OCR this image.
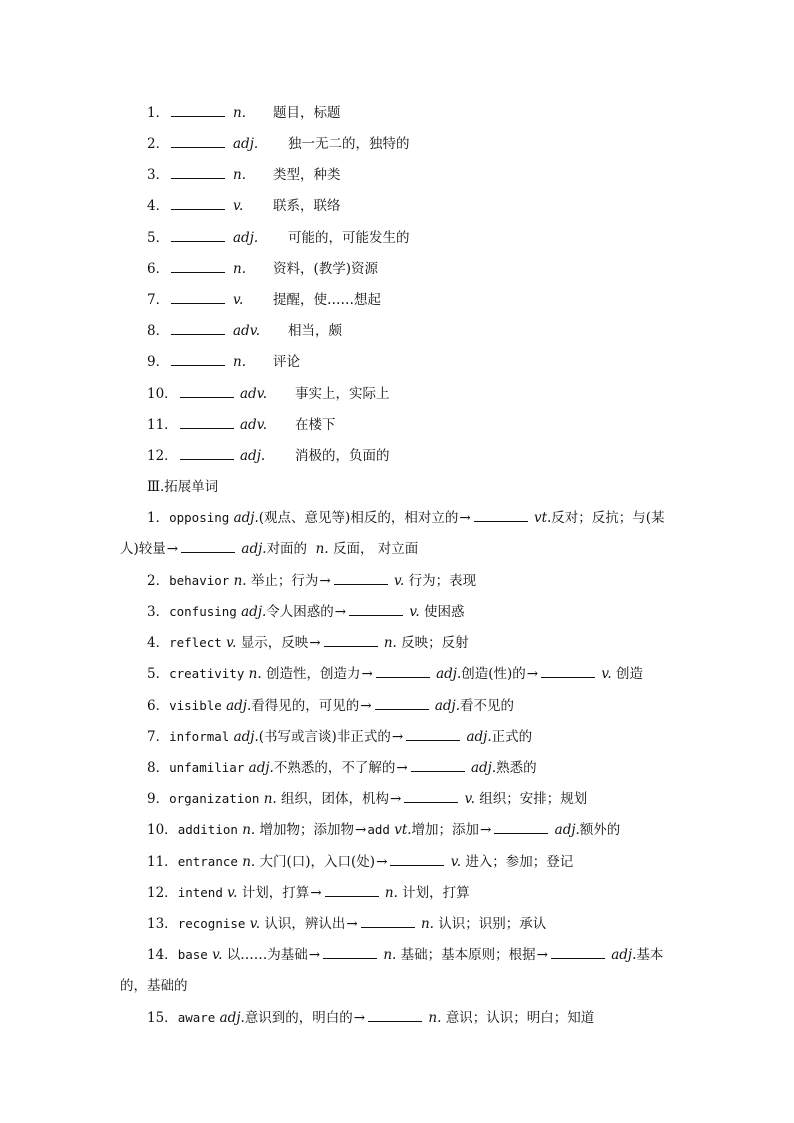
1．	n. 题目，标题
2．	adj. 独一无二的，独特的
3．	n. 类型，种类
4．	v. 联系，联络
5．	adj. 可能的，可能发生的
6．	n. 资料，(教学)资源
7．	v. 提醒，使……想起
8．	adv. 相当，颇
9．	n. 评论
10．	adv. 事实上，实际上
11．	adv. 在楼下
12．	adj. 消极的，负面的
Ⅲ.拓展单词
1．opposing adj.(观点、意见等)相反的，相对立的→	vt.反对；反抗；与(某
人)较量→	adj.对面的 n. 反面， 对立面
2．behavior n. 举止；行为→	v. 行为；表现
3．confusing adj.令人困惑的→	v. 使困惑
4．reflect v. 显示，反映→	n. 反映；反射
5．creativity n. 创造性，创造力→	adj.创造(性)的→	v. 创造
6．visible adj.看得见的，可见的→	adj.看不见的
7．informal adj.(书写或言谈)非正式的→	adj.正式的
8．unfamiliar adj.不熟悉的，不了解的→	adj.熟悉的
9．organization n. 组织，团体，机构→	v. 组织；安排；规划
10．addition n. 增加物；添加物→add vt.增加；添加→	adj.额外的
11．entrance n. 大门(口)，入口(处)→	v. 进入；参加；登记
12．intend v. 计划，打算→	n. 计划，打算
13．recognise v. 认识，辨认出→	n. 认识；识别；承认
14．base v. 以……为基础→	n. 基础；基本原则；根据→	adj.基本
的，基础的
15．aware adj.意识到的，明白的→	n. 意识；认识；明白；知道
